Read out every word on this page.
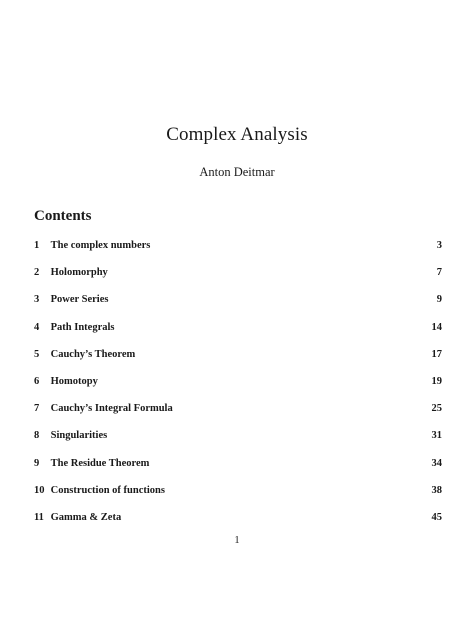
Complex Analysis
Anton Deitmar
Contents
1 The complex numbers	3
2 Holomorphy	7
3 Power Series	9
4 Path Integrals	14
5 Cauchy’s Theorem	17
6 Homotopy	19
7 Cauchy’s Integral Formula	25
8 Singularities	31
9 The Residue Theorem	34
10 Construction of functions	38
11 Gamma & Zeta	45
1
